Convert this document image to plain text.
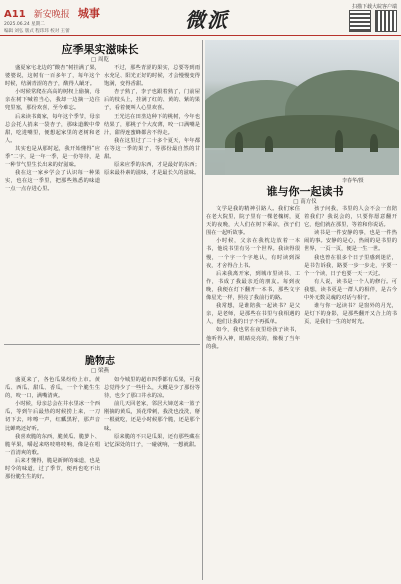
A11 新安晚报 城事
2025.06.24 星期二
编辑 刘弘 版式 程玮玮 校对 王蕾	微派
扫描下载大皖客户端
应季果实滋味长
□ 周乾

盛夏家宅北边的“酸杏”树挂满了果，婆婆说，这树有一百多年了，每年这个时候，结满青涩的杏子，酸得人龇牙。

小时候常爬在高高的树杈上偷摘，母亲在树下喊着当心，我却一边摘一边往兜里塞，那份欢喜，至今难忘。

后来读书离家，每年这个季节，母亲总会托人捎来一袋杏子，那味道酸中带甜，吃进嘴里，便想起家里的老树和老人。

其实也是从那时起，我开始懂得“应季”二字，是一年一季，是一份等待，是一种节气里生长出来的好滋味。

我在这一家乡学会了认识每一种果实，也在这一季里，把那些熟悉的味道一点一点存进心里。

不过，那些青涩的果实，总要等到雨水充足、阳光正好的时候，才会慢慢变得饱满，变得香甜。

杏子熟了，李子也跟着熟了，门前屋后的枝头上，挂满了红的、黄的、紫的果子，看着便叫人心里欢喜。

王光达在田垄边种下的桃树，今年也结果了，那桃子个大皮薄，咬一口满嘴是汁，甜得连蜜蜂都舍不得走。

我在这里过了二十多个夏天，年年都在等这一季的果子，等那份最自然的甘甜。

原来应季的东西，才是最好的东西；原来最朴素的滋味，才是最长久的滋味。

李春华/摄
谁与你一起读书
□ 南方仪

文学是我的精神引路人。我们家住在老大院里，院子里有一棵老槐树，夏天的夜晚，大人们在树下乘凉，孩子们围在一起听故事。

小时候，父亲在我枕边放着一本书，他说书里有另一个世界。我读得很慢，一个字一个字地认，有时读到深夜，才舍得合上书。

后来我离开家，到城市里读书、工作，书成了我最亲近的朋友。每到夜晚，我便在灯下翻开一本书，那些文字像星光一样，照亮了我前行的路。

我常想，是谁陪我一起读书？是父亲，是老师，是那些在书里与我相遇的人，他们让我的日子不再孤单。

如今，我也常在夜里给孩子读书，他听得入神，眼睛亮亮的，像极了当年的我。

孩子问我，书里的人会不会一直陪着我们？我说会的，只要你愿意翻开它，他们就在那里，等着和你说话。

读书是一件安静的事，也是一件热闹的事。安静的是心，热闹的是书里的世界，一页一页，便是一生一世。

我也曾在很多个日子里感到迷茫，是书告诉我，路要一步一步走，字要一个一个读，日子也要一天一天过。

有人说，读书是一个人的修行。可我想，读书更是一群人的相伴，是古今中外无数灵魂的对话与相守。

谁与你一起读书？是窗外的月光，是灯下的身影，是那些翻开又合上的书页，是我们一生的好时光。

脆物志
□ 梁燕

盛夏来了，各色瓜果纷纷上市。黄瓜、西瓜、甜瓜、香瓜，一个个脆生生的，咬一口，满嘴清爽。

小时候，母亲总会在井水里冰一个西瓜，等到午后最热的时候捞上来，一刀切下去，咔嚓一声，红瓤黑籽，那声音比蝉鸣还好听。

我喜欢脆的东西，脆黄瓜、脆萝卜、脆苹果，嚼起来咯吱咯吱响，像是在唱一首清爽的歌。

后来才懂得，脆是新鲜的味道，也是时令的味道，过了季节，便再也吃不出那份脆生生的好。

如今城里的超市四季都有瓜果，可我总觉得少了一些什么，大概是少了那份等待，也少了那口井水的凉。

前几天回老家，邻居大婶送来一篮子刚摘的黄瓜，顶花带刺，我洗也没洗，掰一根就吃，还是小时候那个脆，还是那个味。

原来脆的不只是瓜果，还有那些藏在记忆深处的日子，一碰就响，一想就甜。
